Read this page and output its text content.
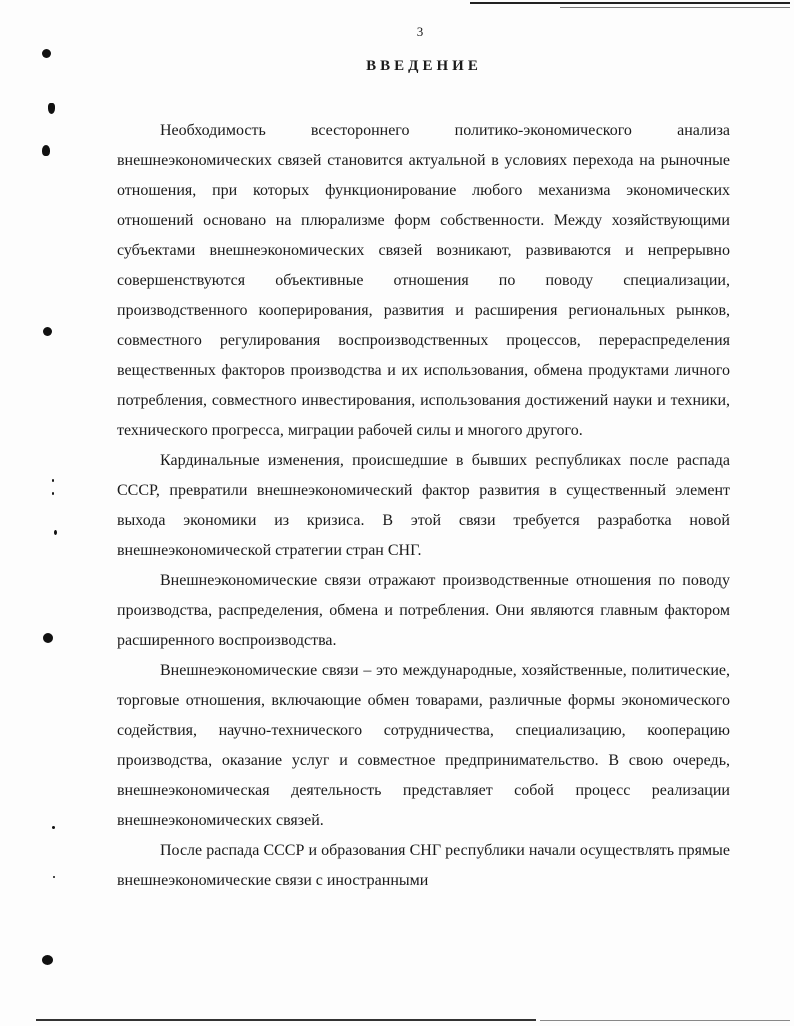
3
ВВЕДЕНИЕ

Необходимость всестороннего политико-экономического анализа внешнеэкономических связей становится актуальной в условиях перехода на рыночные отношения, при которых функционирование любого механизма экономических отношений основано на плюрализме форм собственности. Между хозяйствующими субъектами внешнеэкономических связей возникают, развиваются и непрерывно совершенствуются объективные отношения по поводу специализации, производственного кооперирования, развития и расширения региональных рынков, совместного регулирования воспроизводственных процессов, перераспределения вещественных факторов производства и их использования, обмена продуктами личного потребления, совместного инвестирования, использования достижений науки и техники, технического прогресса, миграции рабочей силы и многого другого.

Кардинальные изменения, происшедшие в бывших республиках после распада СССР, превратили внешнеэкономический фактор развития в существенный элемент выхода экономики из кризиса. В этой связи требуется разработка новой внешнеэкономической стратегии стран СНГ.

Внешнеэкономические связи отражают производственные отношения по поводу производства, распределения, обмена и потребления. Они являются главным фактором расширенного воспроизводства.

Внешнеэкономические связи – это международные, хозяйственные, политические, торговые отношения, включающие обмен товарами, различные формы экономического содействия, научно-технического сотрудничества, специализацию, кооперацию производства, оказание услуг и совместное предпринимательство. В свою очередь, внешнеэкономическая деятельность представляет собой процесс реализации внешнеэкономических связей.

После распада СССР и образования СНГ республики начали осуществлять прямые внешнеэкономические связи с иностранными
